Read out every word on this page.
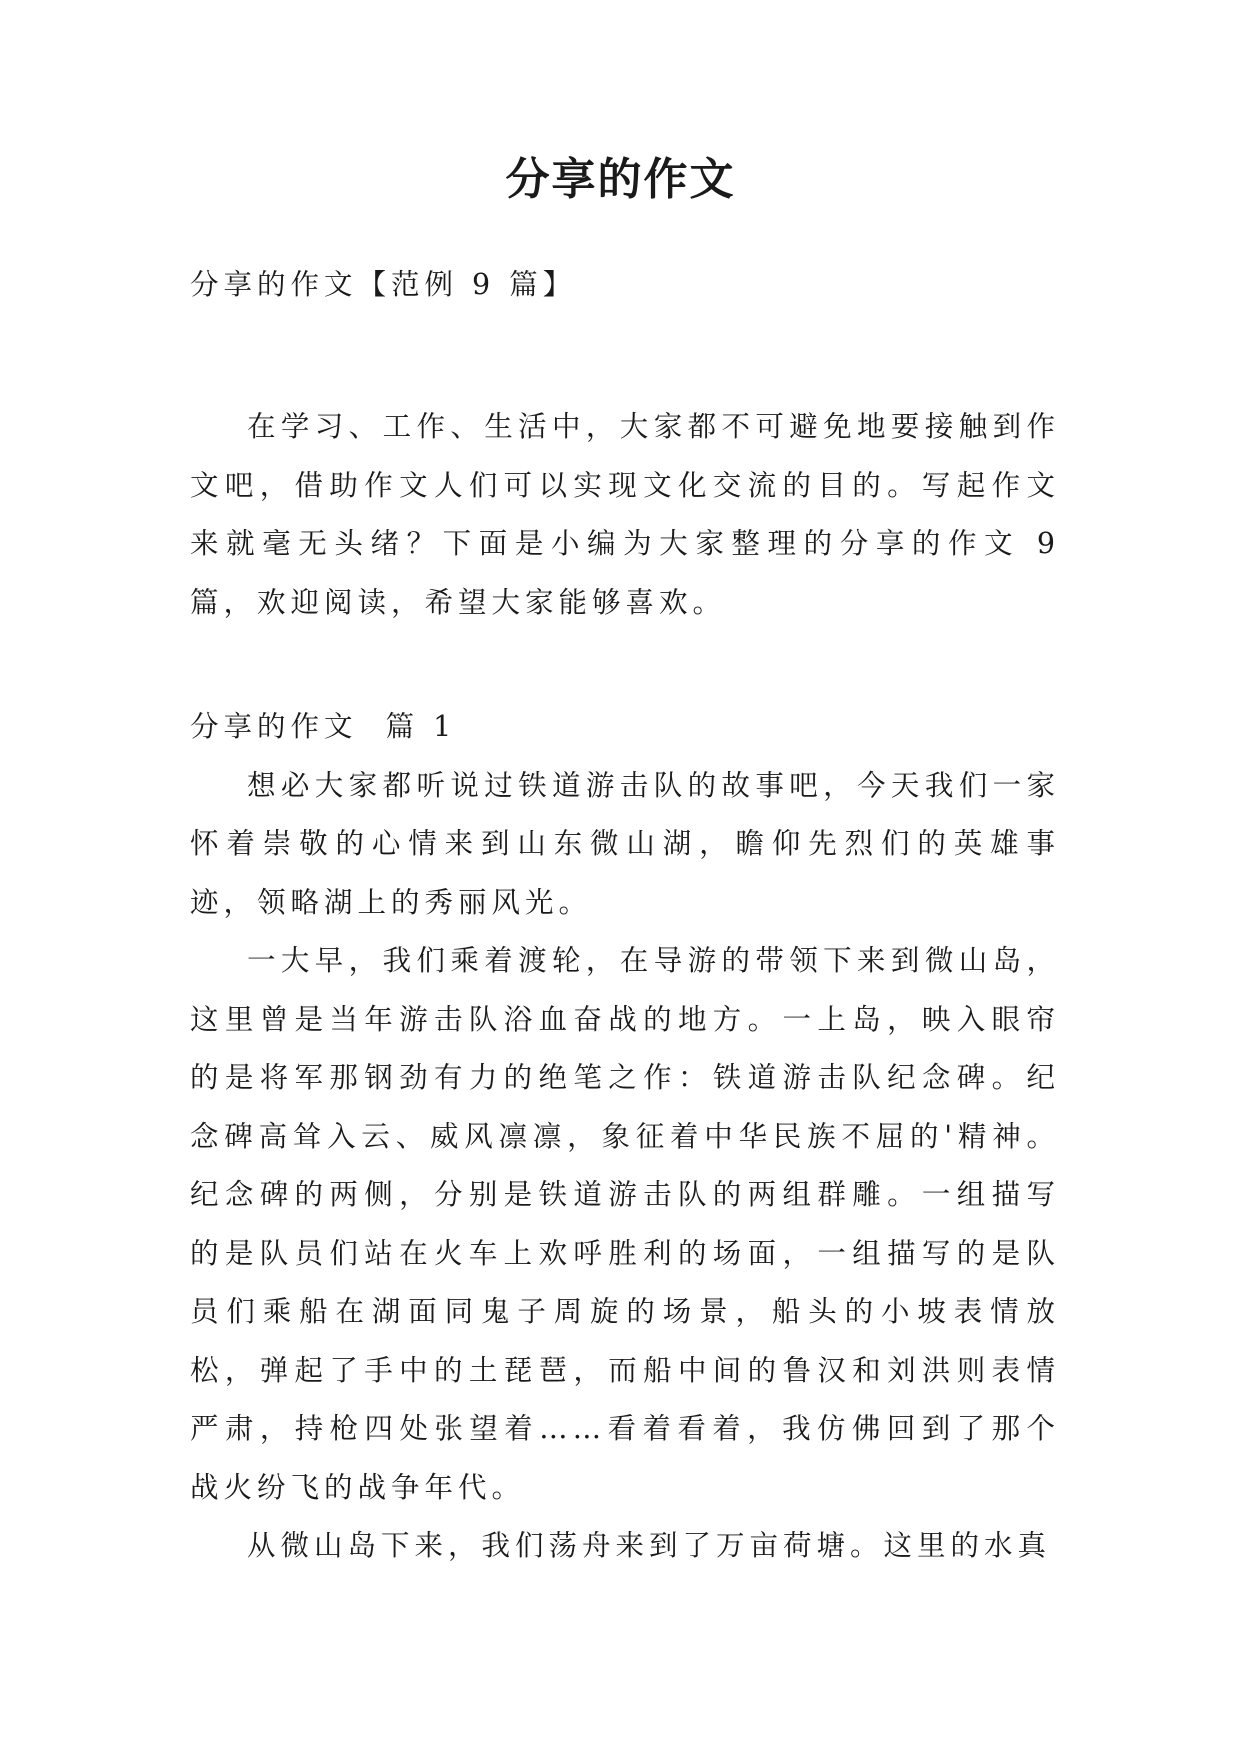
分享的作文

分享的作文【范例 9 篇】

在学习、工作、生活中，大家都不可避免地要接触到作文吧，借助作文人们可以实现文化交流的目的。写起作文来就毫无头绪？下面是小编为大家整理的分享的作文 9 篇，欢迎阅读，希望大家能够喜欢。

分享的作文  篇 1

想必大家都听说过铁道游击队的故事吧，今天我们一家怀着崇敬的心情来到山东微山湖，瞻仰先烈们的英雄事迹，领略湖上的秀丽风光。

一大早，我们乘着渡轮，在导游的带领下来到微山岛，这里曾是当年游击队浴血奋战的地方。一上岛，映入眼帘的是将军那钢劲有力的绝笔之作：铁道游击队纪念碑。纪念碑高耸入云、威风凛凛，象征着中华民族不屈的'精神。纪念碑的两侧，分别是铁道游击队的两组群雕。一组描写的是队员们站在火车上欢呼胜利的场面，一组描写的是队员们乘船在湖面同鬼子周旋的场景，船头的小坡表情放松，弹起了手中的土琵琶，而船中间的鲁汉和刘洪则表情严肃，持枪四处张望着……看着看着，我仿佛回到了那个战火纷飞的战争年代。

从微山岛下来，我们荡舟来到了万亩荷塘。这里的水真
